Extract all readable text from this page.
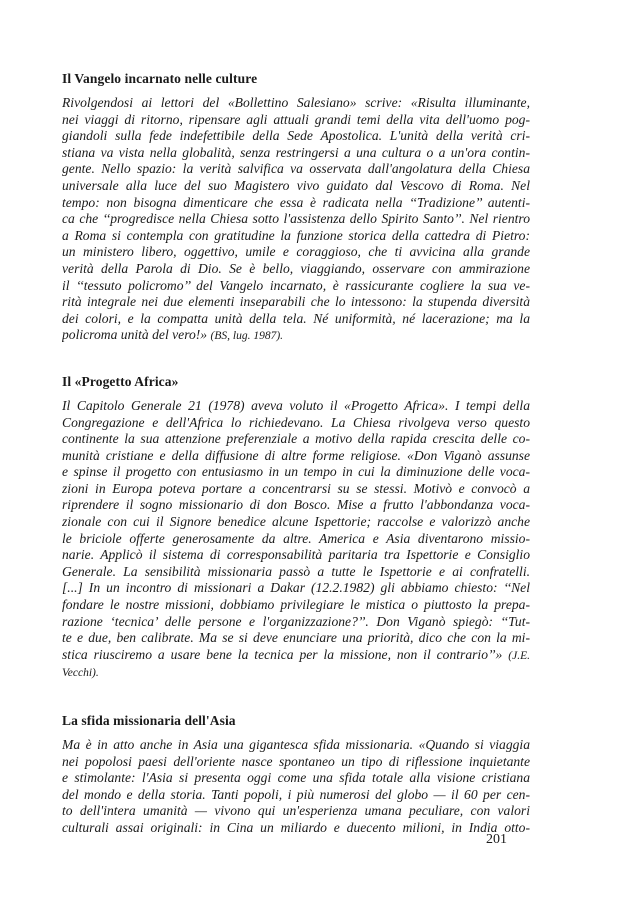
Il Vangelo incarnato nelle culture

Rivolgendosi ai lettori del «Bollettino Salesiano» scrive: «Risulta illuminante,
nei viaggi di ritorno, ripensare agli attuali grandi temi della vita dell'uomo pog-
giandoli sulla fede indefettibile della Sede Apostolica. L'unità della verità cri-
stiana va vista nella globalità, senza restringersi a una cultura o a un'ora contin-
gente. Nello spazio: la verità salvifica va osservata dall'angolatura della Chiesa
universale alla luce del suo Magistero vivo guidato dal Vescovo di Roma. Nel
tempo: non bisogna dimenticare che essa è radicata nella ‘‘Tradizione’’ autenti-
ca che ‘‘progredisce nella Chiesa sotto l'assistenza dello Spirito Santo’’. Nel rientro
a Roma si contempla con gratitudine la funzione storica della cattedra di Pietro:
un ministero libero, oggettivo, umile e coraggioso, che ti avvicina alla grande
verità della Parola di Dio. Se è bello, viaggiando, osservare con ammirazione
il ‘‘tessuto policromo’’ del Vangelo incarnato, è rassicurante cogliere la sua ve-
rità integrale nei due elementi inseparabili che lo intessono: la stupenda diversità
dei colori, e la compatta unità della tela. Né uniformità, né lacerazione; ma la
policroma unità del vero!» (BS, lug. 1987).

Il «Progetto Africa»

Il Capitolo Generale 21 (1978) aveva voluto il «Progetto Africa». I tempi della
Congregazione e dell'Africa lo richiedevano. La Chiesa rivolgeva verso questo
continente la sua attenzione preferenziale a motivo della rapida crescita delle co-
munità cristiane e della diffusione di altre forme religiose. «Don Viganò assunse
e spinse il progetto con entusiasmo in un tempo in cui la diminuzione delle voca-
zioni in Europa poteva portare a concentrarsi su se stessi. Motivò e convocò a
riprendere il sogno missionario di don Bosco. Mise a frutto l'abbondanza voca-
zionale con cui il Signore benedice alcune Ispettorie; raccolse e valorizzò anche
le briciole offerte generosamente da altre. America e Asia diventarono missio-
narie. Applicò il sistema di corresponsabilità paritaria tra Ispettorie e Consiglio
Generale. La sensibilità missionaria passò a tutte le Ispettorie e ai confratelli.
[...] In un incontro di missionari a Dakar (12.2.1982) gli abbiamo chiesto: ‘‘Nel
fondare le nostre missioni, dobbiamo privilegiare le mistica o piuttosto la prepa-
razione ‘tecnica’ delle persone e l'organizzazione?’’. Don Viganò spiegò: ‘‘Tut-
te e due, ben calibrate. Ma se si deve enunciare una priorità, dico che con la mi-
stica riusciremo a usare bene la tecnica per la missione, non il contrario’’» (J.E.
Vecchi).

La sfida missionaria dell'Asia

Ma è in atto anche in Asia una gigantesca sfida missionaria. «Quando si viaggia
nei popolosi paesi dell'oriente nasce spontaneo un tipo di riflessione inquietante
e stimolante: l'Asia si presenta oggi come una sfida totale alla visione cristiana
del mondo e della storia. Tanti popoli, i più numerosi del globo — il 60 per cen-
to dell'intera umanità — vivono qui un'esperienza umana peculiare, con valori
culturali assai originali: in Cina un miliardo e duecento milioni, in India otto-

201
